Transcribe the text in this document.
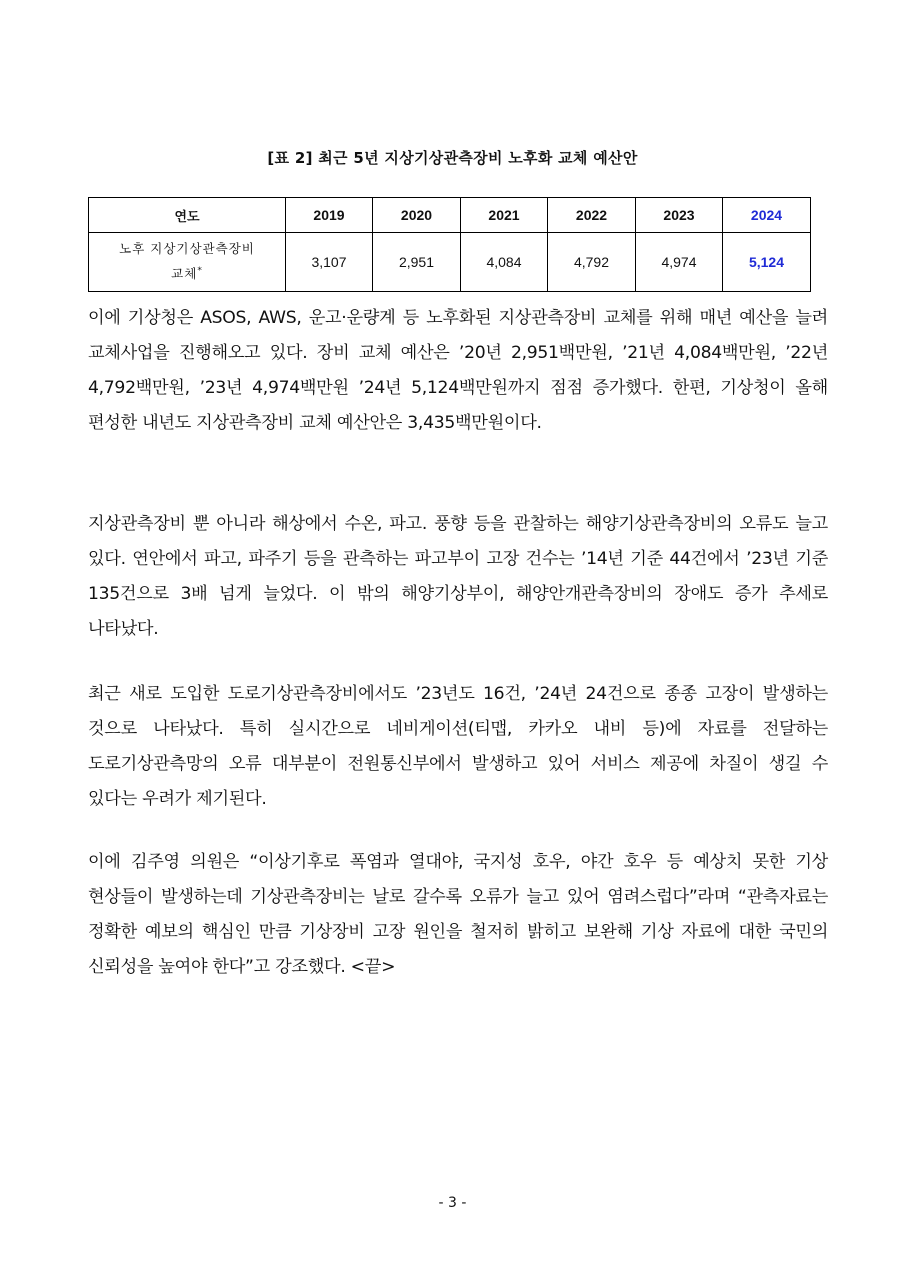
[표 2] 최근 5년 지상기상관측장비 노후화 교체 예산안
연도	2019	2020	2021	2022	2023	2024
노후 지상기상관측장비
교체*	3,107	2,951	4,084	4,792	4,974	5,124

이에 기상청은 ASOS, AWS, 운고·운량계 등 노후화된 지상관측장비 교체를 위해 매년 예산을 늘려 교체사업을 진행해오고 있다. 장비 교체 예산은 ’20년 2,951백만원, ’21년 4,084백만원, ’22년 4,792백만원, ’23년 4,974백만원 ’24년 5,124백만원까지 점점 증가했다. 한편, 기상청이 올해 편성한 내년도 지상관측장비 교체 예산안은 3,435백만원이다.

지상관측장비 뿐 아니라 해상에서 수온, 파고. 풍향 등을 관찰하는 해양기상관측장비의 오류도 늘고 있다. 연안에서 파고, 파주기 등을 관측하는 파고부이 고장 건수는 ’14년 기준 44건에서 ’23년 기준 135건으로 3배 넘게 늘었다. 이 밖의 해양기상부이, 해양안개관측장비의 장애도 증가 추세로 나타났다.

최근 새로 도입한 도로기상관측장비에서도 ’23년도 16건, ’24년 24건으로 종종 고장이 발생하는 것으로 나타났다. 특히 실시간으로 네비게이션(티맵, 카카오 내비 등)에 자료를 전달하는 도로기상관측망의 오류 대부분이 전원통신부에서 발생하고 있어 서비스 제공에 차질이 생길 수 있다는 우려가 제기된다.

이에 김주영 의원은 “이상기후로 폭염과 열대야, 국지성 호우, 야간 호우 등 예상치 못한 기상 현상들이 발생하는데 기상관측장비는 날로 갈수록 오류가 늘고 있어 염려스럽다”라며 “관측자료는 정확한 예보의 핵심인 만큼 기상장비 고장 원인을 철저히 밝히고 보완해 기상 자료에 대한 국민의 신뢰성을 높여야 한다”고 강조했다. <끝>

- 3 -
